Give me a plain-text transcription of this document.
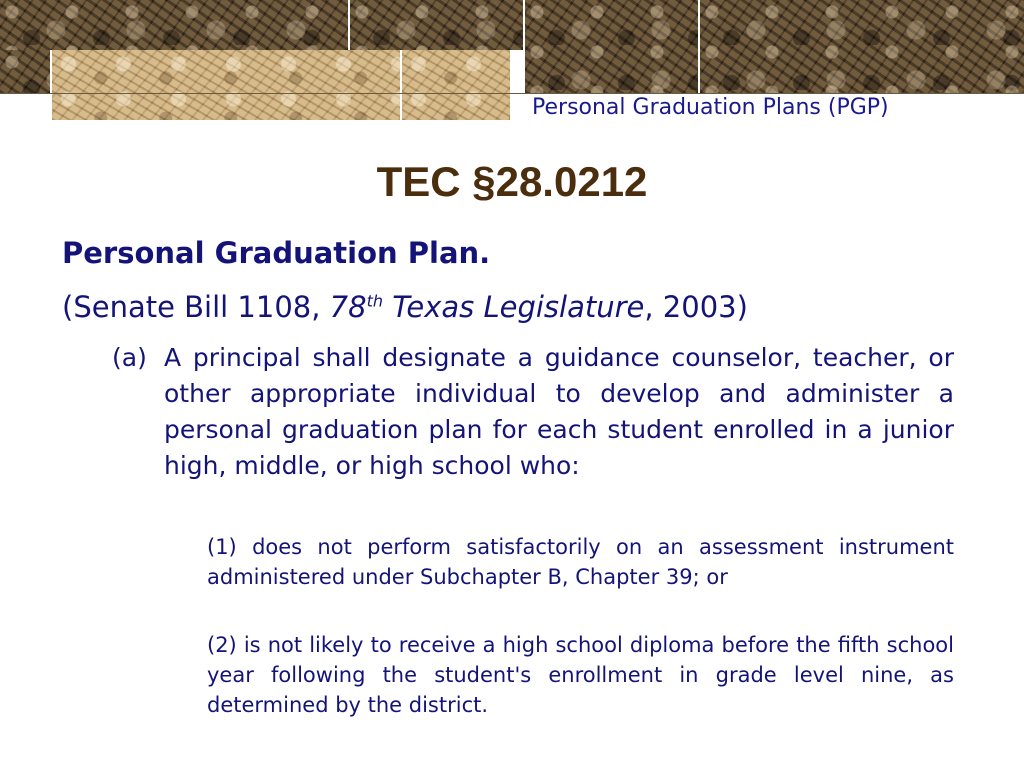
Personal Graduation Plans (PGP)
TEC §28.0212
Personal Graduation Plan.
(Senate Bill 1108, 78th Texas Legislature, 2003)
(a) A principal shall designate a guidance counselor, teacher, or other appropriate individual to develop and administer a personal graduation plan for each student enrolled in a junior high, middle, or high school who:
(1) does not perform satisfactorily on an assessment instrument administered under Subchapter B, Chapter 39; or
(2) is not likely to receive a high school diploma before the fifth school year following the student's enrollment in grade level nine, as determined by the district.
